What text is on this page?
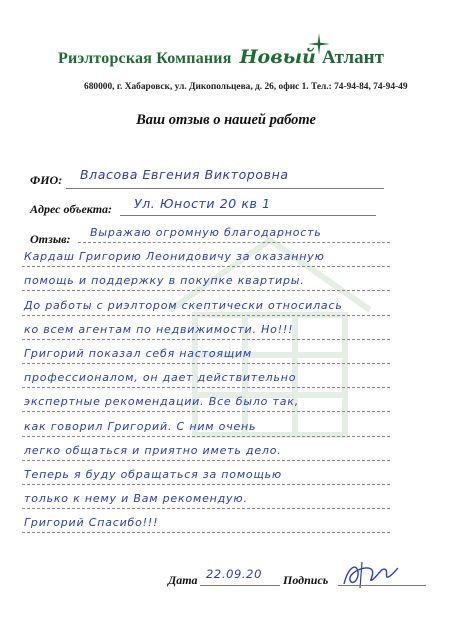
Риэлторская Компания Новый Атлант
680000, г. Хабаровск, ул. Дикопольцева, д. 26, офис 1. Тел.: 74-94-84, 74-94-49
Ваш отзыв о нашей работе
ФИО: Власова Евгения Викторовна
Адрес объекта: Ул. Юности 20 кв 1
Отзыв: Выражаю огромную благодарность
Кардаш Григорию Леонидовичу за оказанную
помощь и поддержку в покупке квартиры.
До работы с риэлтором скептически относилась
ко всем агентам по недвижимости. Но!!!
Григорий показал себя настоящим
профессионалом, он дает действительно
экспертные рекомендации. Все было так,
как говорил Григорий. С ним очень
легко общаться и приятно иметь дело.
Теперь я буду обращаться за помощью
только к нему и Вам рекомендую.
Григорий Спасибо!!!
Дата 22.09.20 Подпись
